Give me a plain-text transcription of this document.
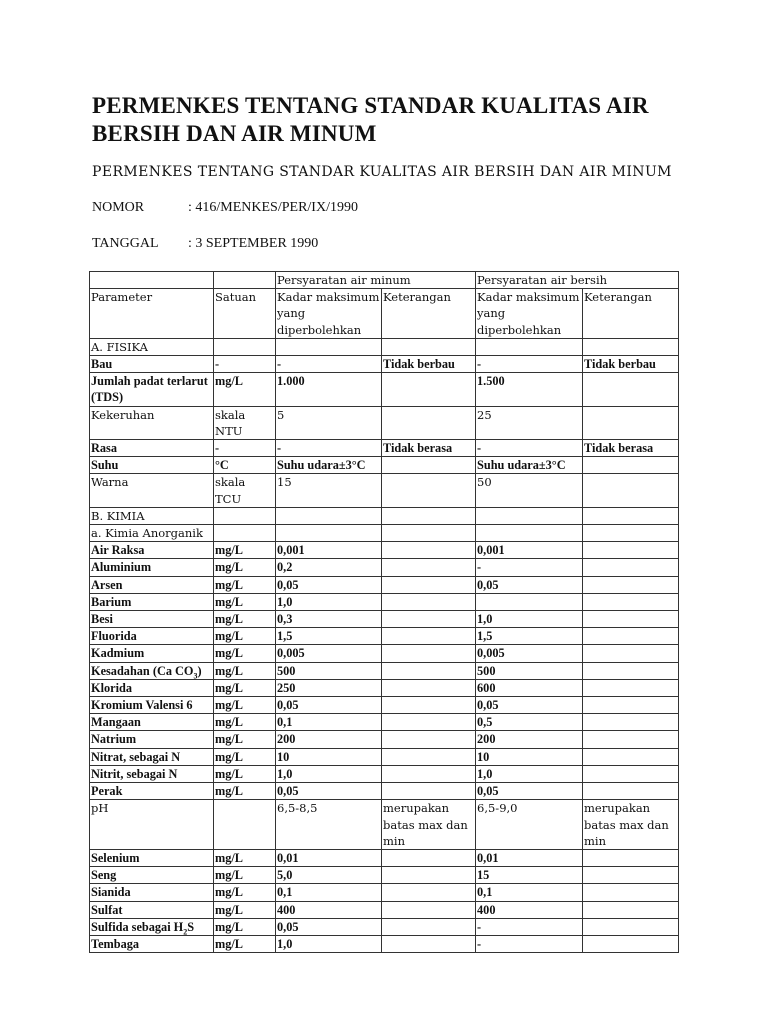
PERMENKES TENTANG STANDAR KUALITAS AIR BERSIH DAN AIR MINUM
PERMENKES TENTANG STANDAR KUALITAS AIR BERSIH DAN AIR MINUM
NOMOR	: 416/MENKES/PER/IX/1990
TANGGAL : 3 SEPTEMBER 1990
		Persyaratan air minum		Persyaratan air bersih	
Parameter	Satuan	Kadar maksimum yang diperbolehkan	Keterangan	Kadar maksimum yang diperbolehkan	Keterangan
A. FISIKA					
Bau	-	-	Tidak berbau	-	Tidak berbau
Jumlah padat terlarut (TDS)	mg/L	1.000		1.500	
Kekeruhan	skala NTU	5		25	
Rasa	-	-	Tidak berasa	-	Tidak berasa
Suhu	°C	Suhu udara±3°C		Suhu udara±3°C	
Warna	skala TCU	15		50	
B. KIMIA					
a. Kimia Anorganik					
Air Raksa	mg/L	0,001		0,001	
Aluminium	mg/L	0,2		-	
Arsen	mg/L	0,05		0,05	
Barium	mg/L	1,0			
Besi	mg/L	0,3		1,0	
Fluorida	mg/L	1,5		1,5	
Kadmium	mg/L	0,005		0,005	
Kesadahan (Ca $CO_3$)	mg/L	500		500	
Klorida	mg/L	250		600	
Kromium Valensi 6	mg/L	0,05		0,05	
Mangaan	mg/L	0,1		0,5	
Natrium	mg/L	200		200	
Nitrat, sebagai N	mg/L	10		10	
Nitrit, sebagai N	mg/L	1,0		1,0	
Perak	mg/L	0,05		0,05	
pH		6,5-8,5	merupakan batas max dan min	6,5-9,0	merupakan batas max dan min
Selenium	mg/L	0,01		0,01	
Seng	mg/L	5,0		15	
Sianida	mg/L	0,1		0,1	
Sulfat	mg/L	400		400	
Sulfida sebagai $H_2S$	mg/L	0,05		-	
Tembaga	mg/L	1,0		-	
